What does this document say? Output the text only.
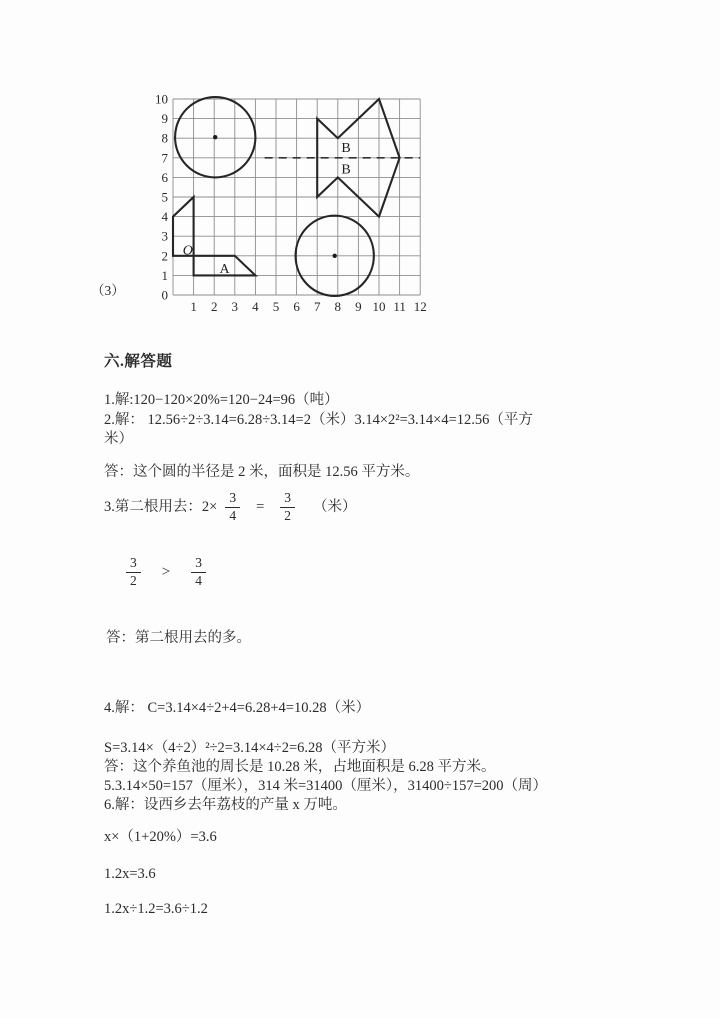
1 2 3 4 5 6 7 8 9 10 11 12
0
1
2
3
4
5
6
7
8
9
10
O
A
B
B
（3）
六.解答题
1.解:120−120×20%=120−24=96（吨）
2.解： 12.56÷2÷3.14=6.28÷3.14=2（米）3.14×2²=3.14×4=12.56（平方
米）
答：这个圆的半径是 2 米，面积是 12.56 平方米。
3.第二根用去：$2\times \frac{3}{4} = \frac{3}{2}$ （米）
$\frac{3}{2} > \frac{3}{4}$
答：第二根用去的多。
4.解： C=3.14×4÷2+4=6.28+4=10.28（米）
S=3.14×（4÷2）²÷2=3.14×4÷2=6.28（平方米）
答：这个养鱼池的周长是 10.28 米，占地面积是 6.28 平方米。
5.3.14×50=157（厘米），314 米=31400（厘米），31400÷157=200（周）
6.解：设西乡去年荔枝的产量 x 万吨。
x×（1+20%）=3.6
1.2x=3.6
1.2x÷1.2=3.6÷1.2
